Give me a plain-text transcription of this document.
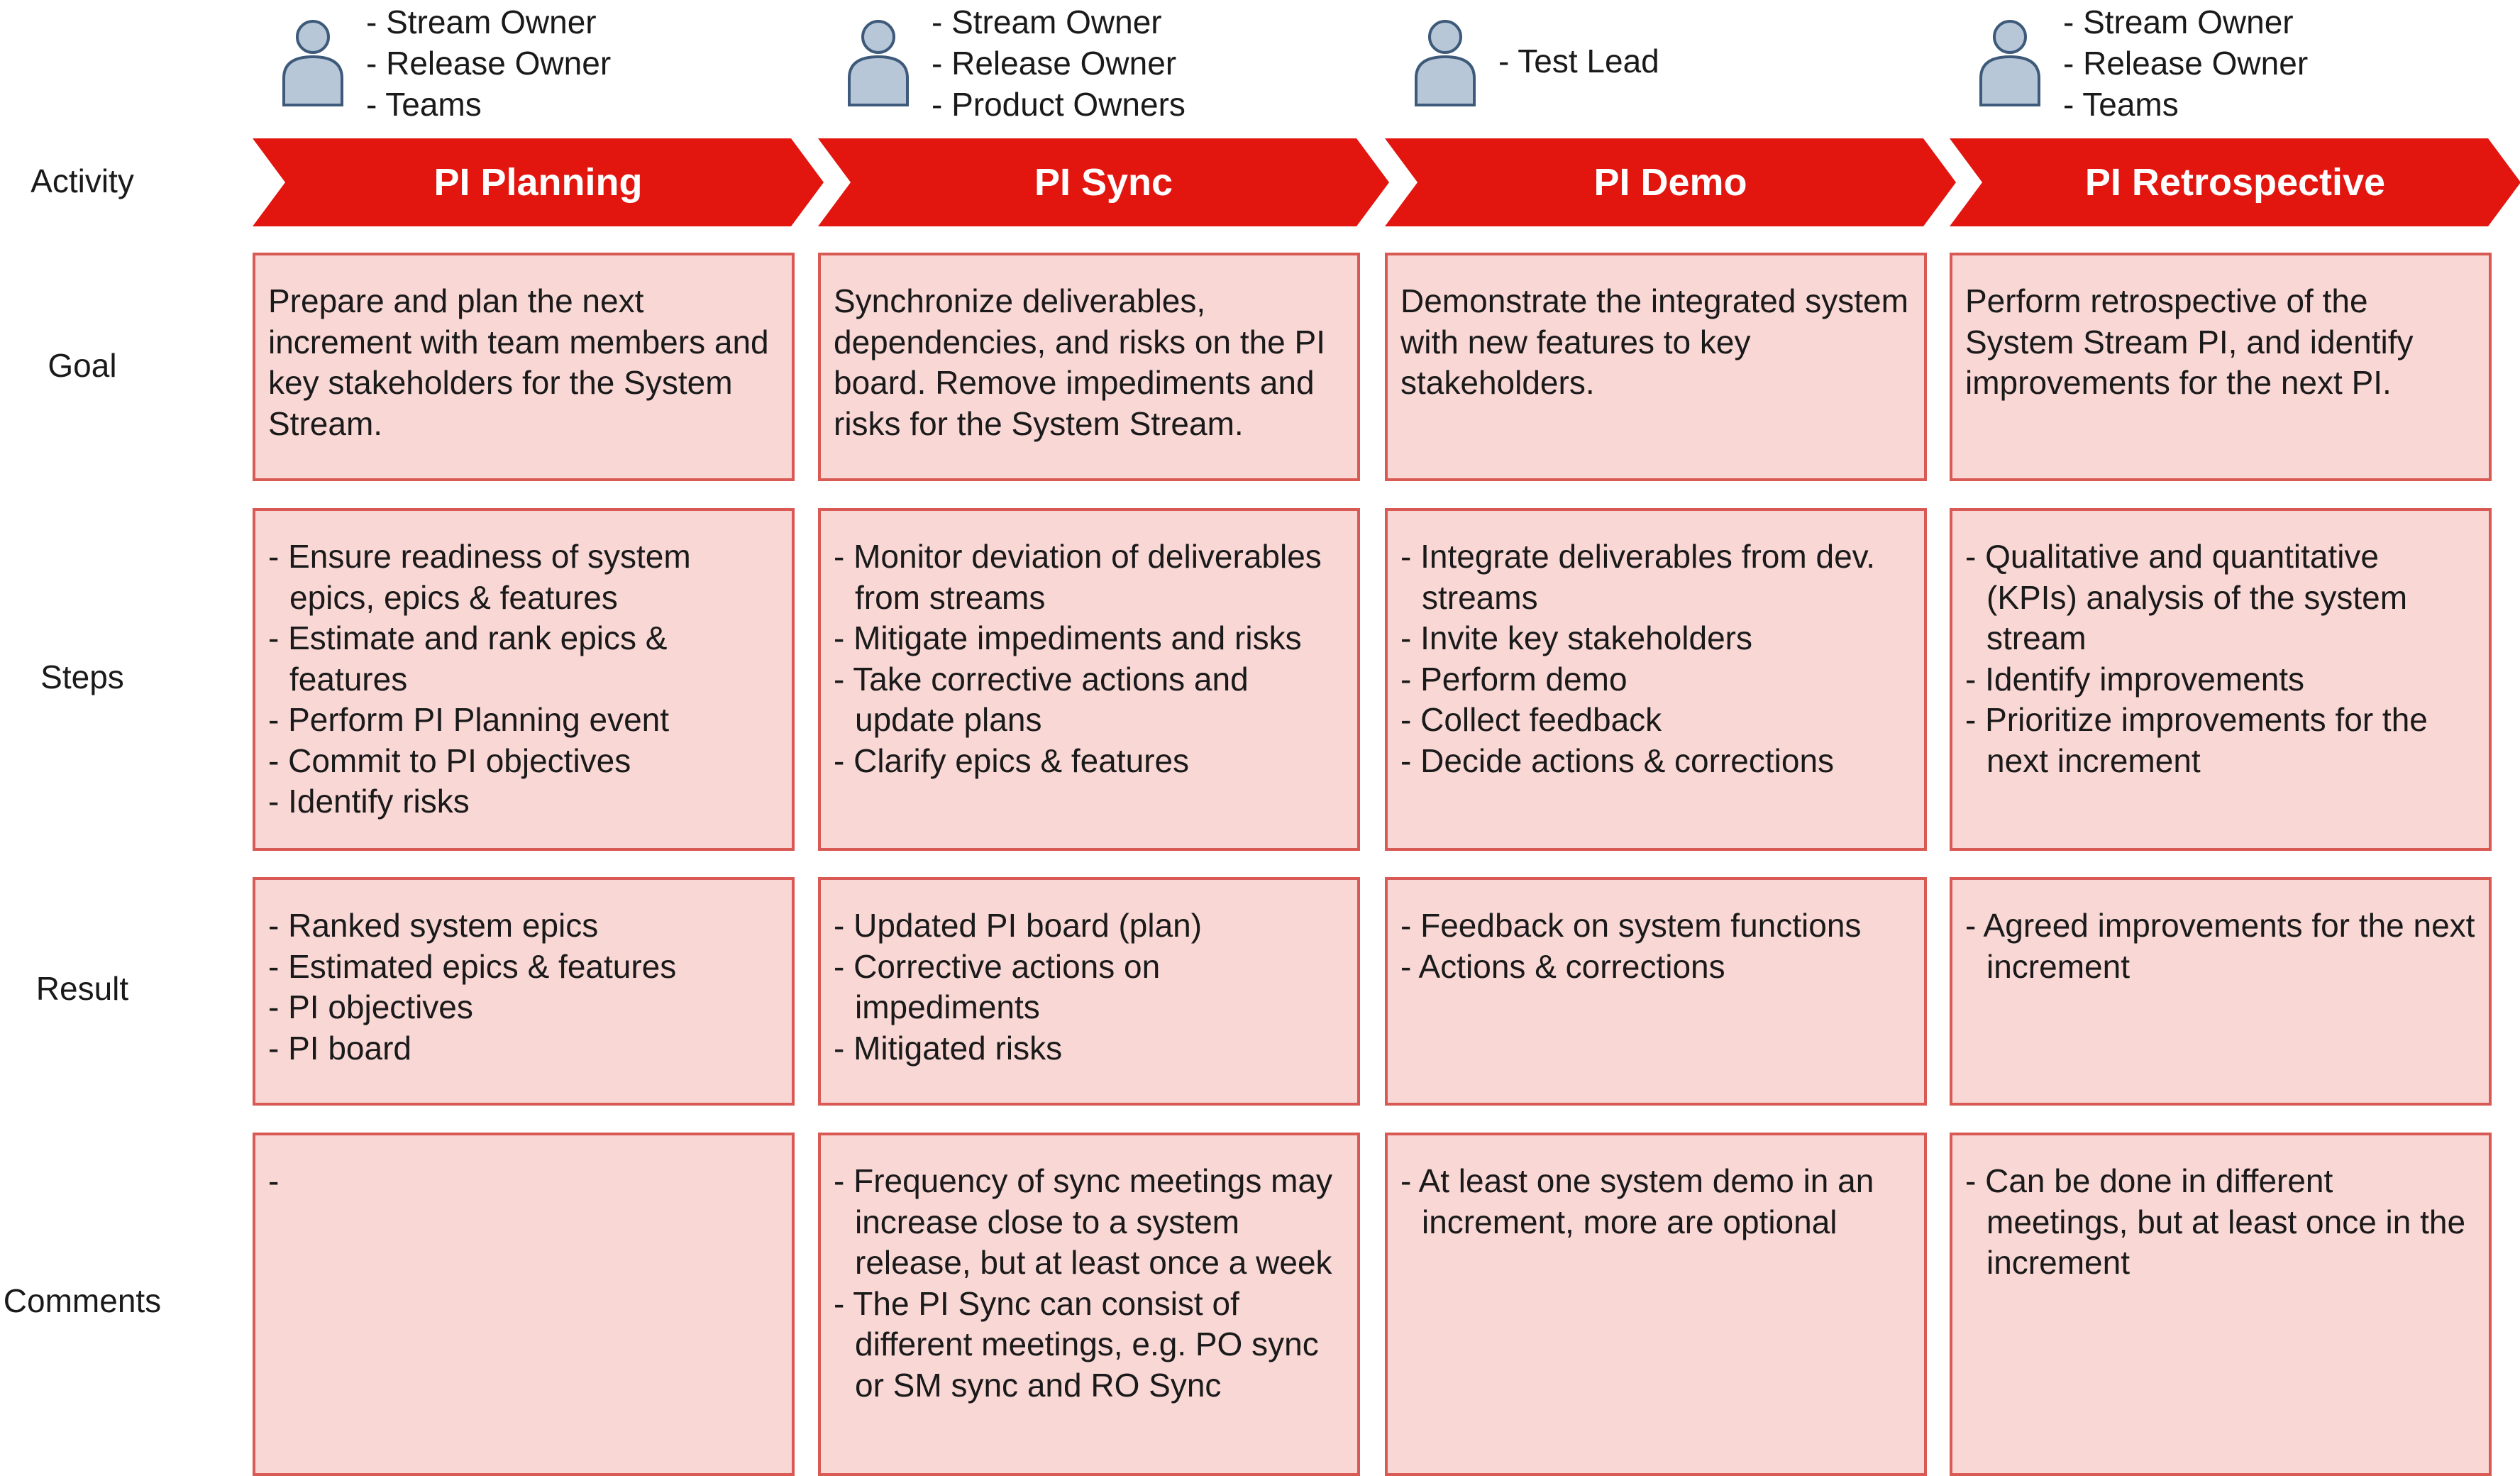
Activity
Goal
Steps
Result
Comments
- Stream Owner
- Release Owner
- Teams
PI Planning
Prepare and plan the next increment with team members and key stakeholders for the System Stream.
- Ensure readiness of system epics, epics & features
- Estimate and rank epics & features
- Perform PI Planning event
- Commit to PI objectives
- Identify risks
- Ranked system epics
- Estimated epics & features
- PI objectives
- PI board
-
- Stream Owner
- Release Owner
- Product Owners
PI Sync
Synchronize deliverables, dependencies, and risks on the PI board. Remove impediments and risks for the System Stream.
- Monitor deviation of deliverables from streams
- Mitigate impediments and risks
- Take corrective actions and update plans
- Clarify epics & features
- Updated PI board (plan)
- Corrective actions on impediments
- Mitigated risks
- Frequency of sync meetings may increase close to a system release, but at least once a week
- The PI Sync can consist of different meetings, e.g. PO sync or SM sync and RO Sync
- Test Lead
PI Demo
Demonstrate the integrated system with new features to key stakeholders.
- Integrate deliverables from dev. streams
- Invite key stakeholders
- Perform demo
- Collect feedback
- Decide actions & corrections
- Feedback on system functions
- Actions & corrections
- At least one system demo in an increment, more are optional
- Stream Owner
- Release Owner
- Teams
PI Retrospective
Perform retrospective of the System Stream PI, and identify improvements for the next PI.
- Qualitative and quantitative (KPIs) analysis of the system stream
- Identify improvements
- Prioritize improvements for the next increment
- Agreed improvements for the next increment
- Can be done in different meetings, but at least once in the increment
